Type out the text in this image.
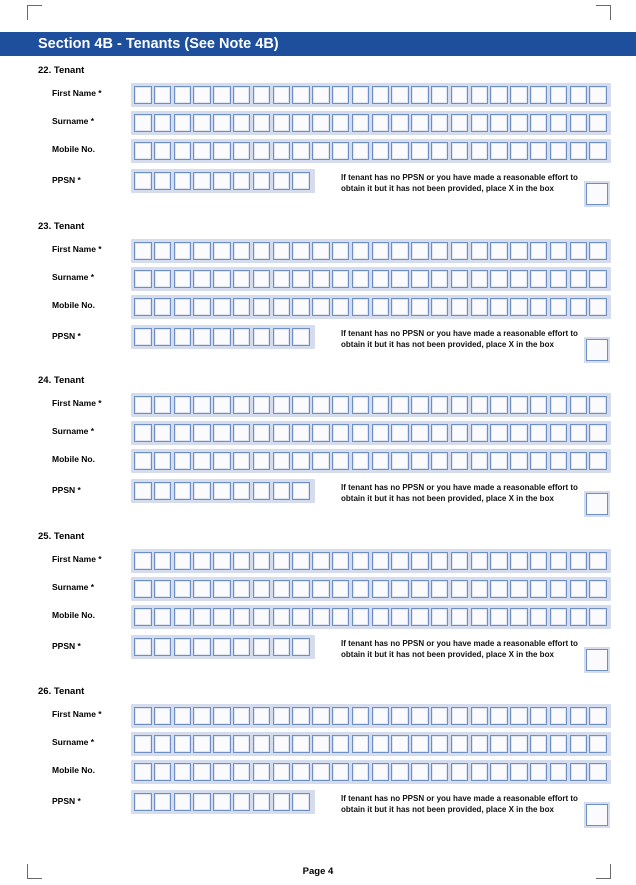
Section 4B - Tenants (See Note 4B)
22. Tenant
First Name *
Surname *
Mobile No.
PPSN *	If tenant has no PPSN or you have made a reasonable effort to obtain it but it has not been provided, place X in the box
23. Tenant
First Name *
Surname *
Mobile No.
PPSN *	If tenant has no PPSN or you have made a reasonable effort to obtain it but it has not been provided, place X in the box
24. Tenant
First Name *
Surname *
Mobile No.
PPSN *	If tenant has no PPSN or you have made a reasonable effort to obtain it but it has not been provided, place X in the box
25. Tenant
First Name *
Surname *
Mobile No.
PPSN *	If tenant has no PPSN or you have made a reasonable effort to obtain it but it has not been provided, place X in the box
26. Tenant
First Name *
Surname *
Mobile No.
PPSN *	If tenant has no PPSN or you have made a reasonable effort to obtain it but it has not been provided, place X in the box
Page 4
